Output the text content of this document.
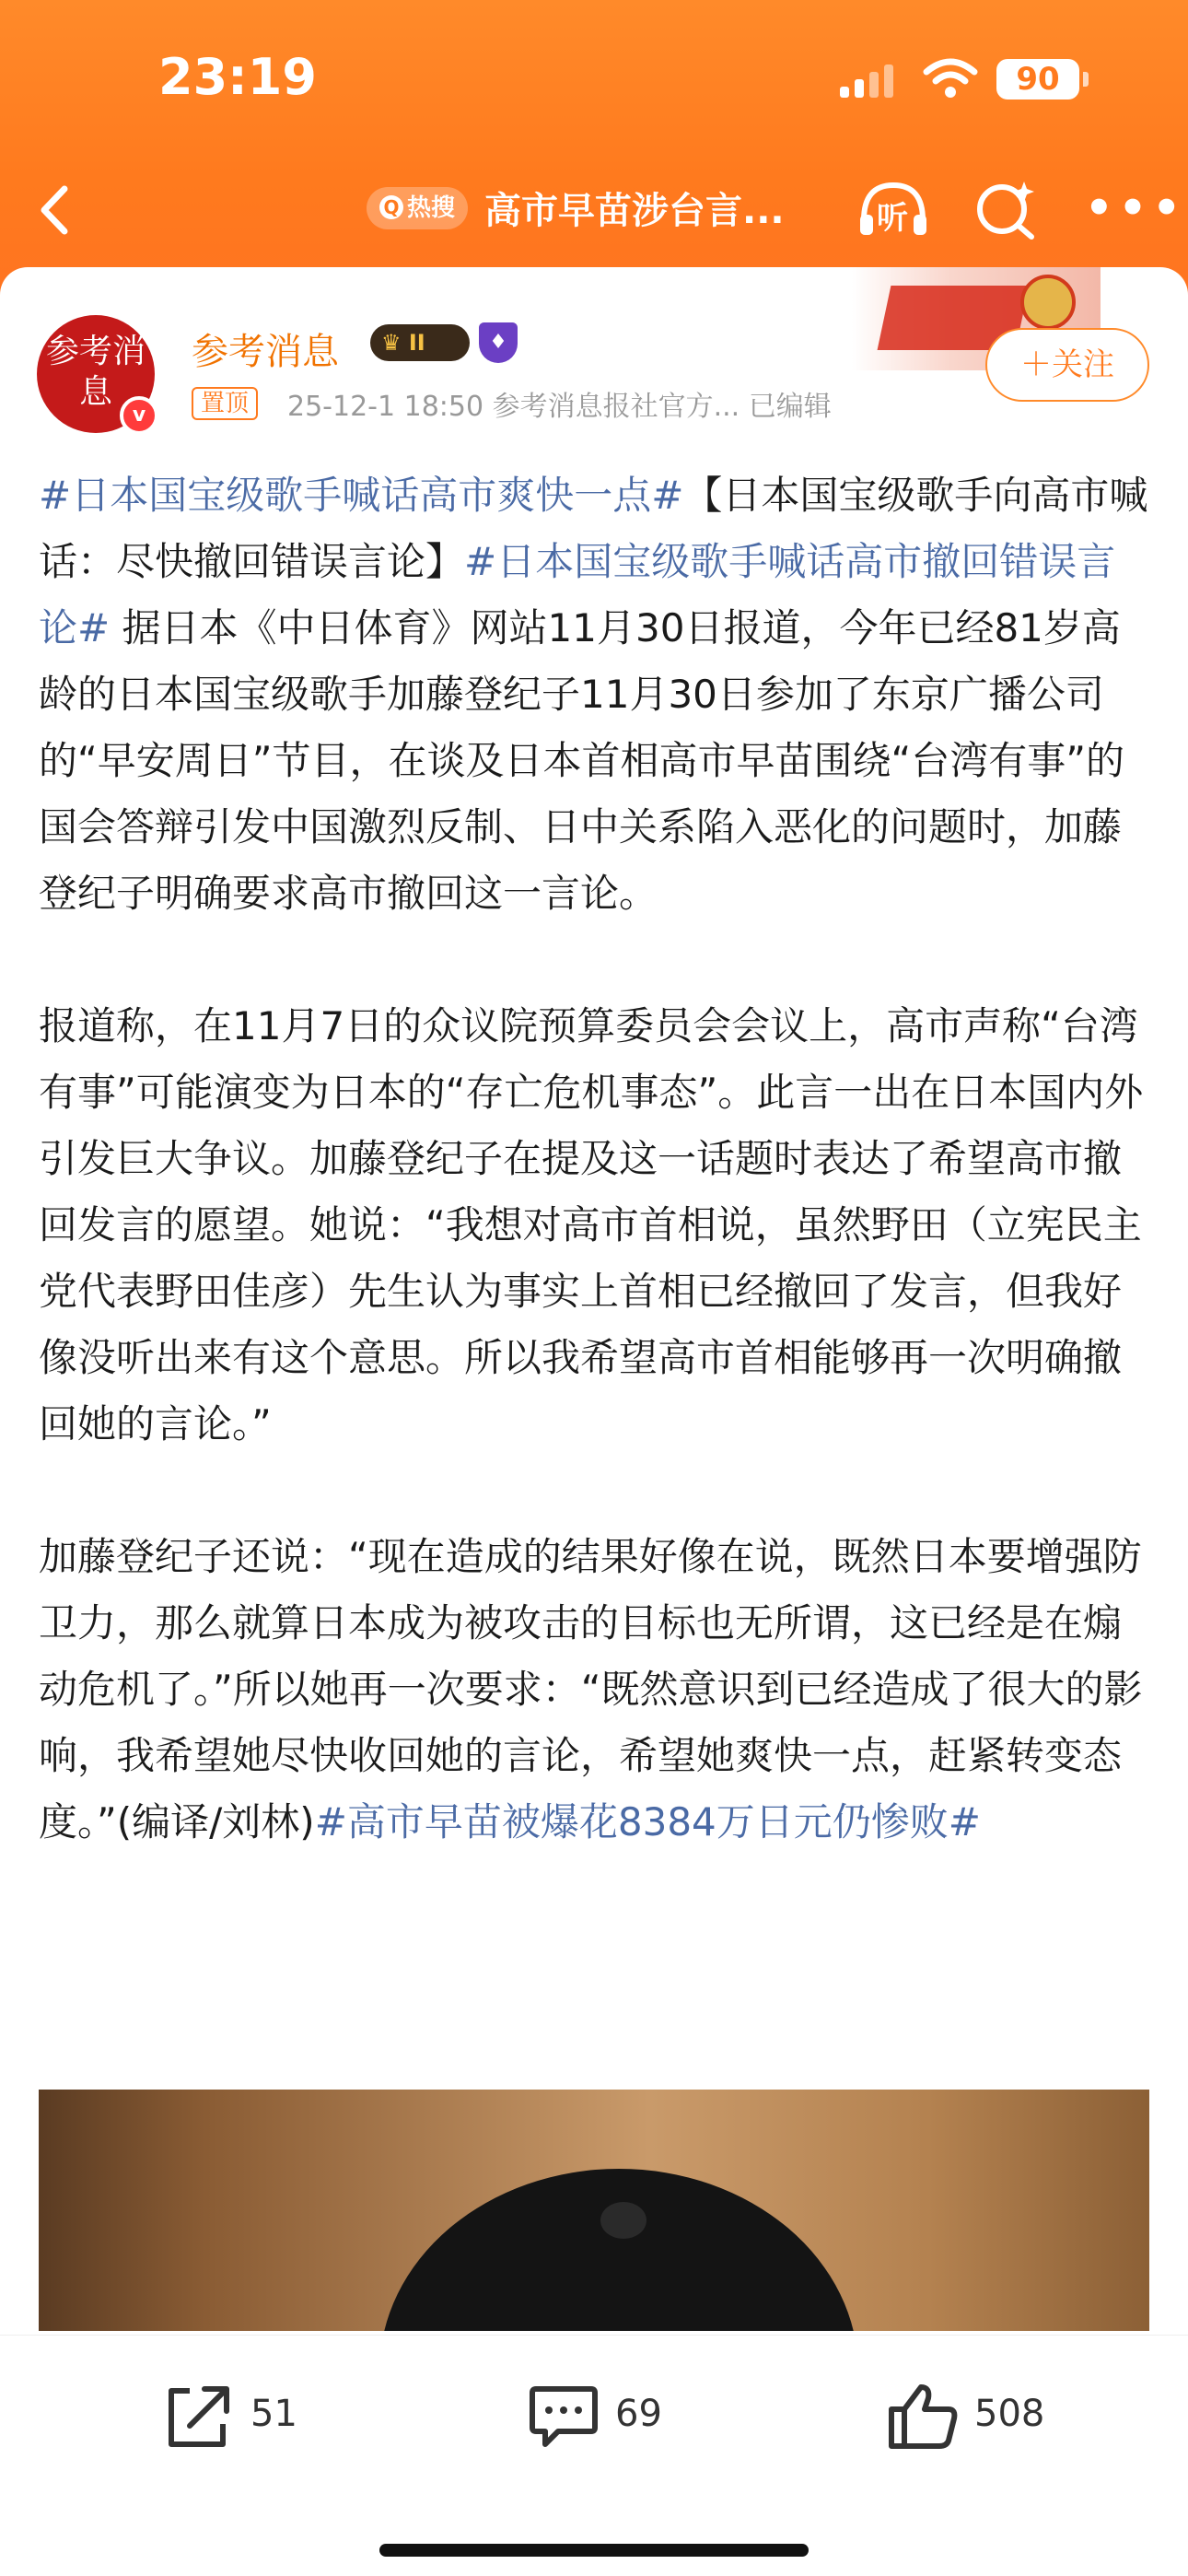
23:19	90
Q 热搜 高市早苗涉台言...	听	•••
参考消息
v
参考消息	♛ II	♦
置顶	25-12-1 18:50 参考消息报社官方... 已编辑
＋关注

#日本国宝级歌手喊话高市爽快一点#【日本国宝级歌手向高市喊话：尽快撤回错误言论】#日本国宝级歌手喊话高市撤回错误言论# 据日本《中日体育》网站11月30日报道，今年已经81岁高龄的日本国宝级歌手加藤登纪子11月30日参加了东京广播公司的“早安周日”节目，在谈及日本首相高市早苗围绕“台湾有事”的国会答辩引发中国激烈反制、日中关系陷入恶化的问题时，加藤登纪子明确要求高市撤回这一言论。

报道称，在11月7日的众议院预算委员会会议上，高市声称“台湾有事”可能演变为日本的“存亡危机事态”。此言一出在日本国内外引发巨大争议。加藤登纪子在提及这一话题时表达了希望高市撤回发言的愿望。她说：“我想对高市首相说，虽然野田（立宪民主党代表野田佳彦）先生认为事实上首相已经撤回了发言，但我好像没听出来有这个意思。所以我希望高市首相能够再一次明确撤回她的言论。”

加藤登纪子还说：“现在造成的结果好像在说，既然日本要增强防卫力，那么就算日本成为被攻击的目标也无所谓，这已经是在煽动危机了。”所以她再一次要求：“既然意识到已经造成了很大的影响，我希望她尽快收回她的言论，希望她爽快一点，赶紧转变态度。”(编译/刘林)#高市早苗被爆花8384万日元仍惨败#

51	69	508
